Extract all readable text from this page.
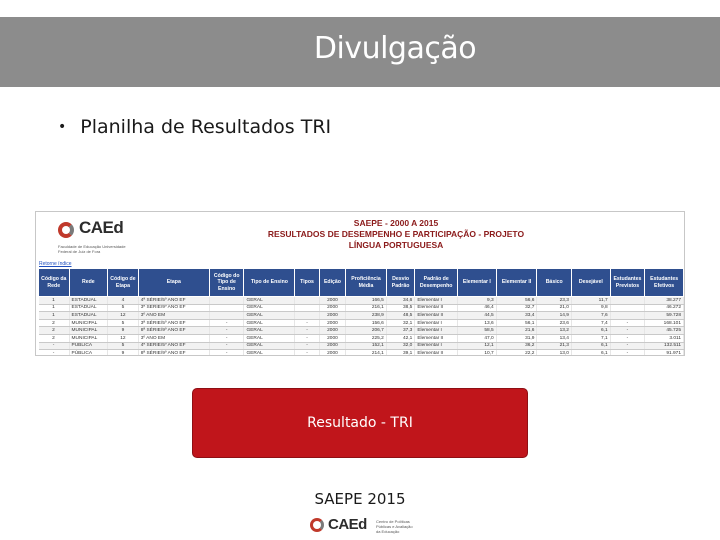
Divulgação
• Planilha de Resultados TRI
CAEd
Faculdade de Educação Universidade Federal de Juiz de Fora
SAEPE - 2000 A 2015
RESULTADOS DE DESEMPENHO E PARTICIPAÇÃO - PROJETO
LÍNGUA PORTUGUESA
Retorne índice
Código da Rede	Rede	Código de Etapa	Etapa	Código do Tipo de Ensino	Tipo de Ensino	Tipos	Edição	Proficiência Média	Desvio Padrão	Padrão de Desempenho	Elementar I	Elementar II	Básico	Desejável	Estudantes Previstos	Estudantes Efetivos
1	ESTADUAL	4	4ª SÉRIE/5º ANO EF		GERAL		2000	166,5	34,6	Elementar I	9,3	56,6	23,3	11,7		38.277
1	ESTADUAL	5	3ª SÉRIE/9º ANO EF		GERAL		2000	216,1	38,5	Elementar II	46,4	32,7	21,0	9,8		46.272
1	ESTADUAL	12	3º ANO EM		GERAL		2000	238,9	48,5	Elementar II	44,5	33,4	14,9	7,6		59.728
2	MUNICIPAL	5	3ª SÉRIE/5º ANO EF	-	GERAL	-	2000	156,6	32,1	Elementar I	13,6	56,1	23,6	7,4	-	168.101
2	MUNICIPAL	9	8ª SÉRIE/9º ANO EF	-	GERAL	-	2000	206,7	37,3	Elementar I	58,5	21,6	13,2	6,1	-	45.725
2	MUNICIPAL	12	3º ANO EM	-	GERAL	-	2000	225,2	42,1	Elementar II	47,0	31,9	13,4	7,1	-	3.011
-	PÚBLICA	5	4ª SÉRIE/5º ANO EF	-	GERAL	-	2000	152,1	32,0	Elementar I	12,1	36,2	21,3	6,1	-	132.511
-	PÚBLICA	9	8ª SÉRIE/9º ANO EF	-	GERAL	-	2000	214,1	39,1	Elementar II	10,7	22,2	13,0	6,1	-	91.971
Resultado - TRI
SAEPE 2015
CAEd Centro de Políticas Públicas e Avaliação da Educação
